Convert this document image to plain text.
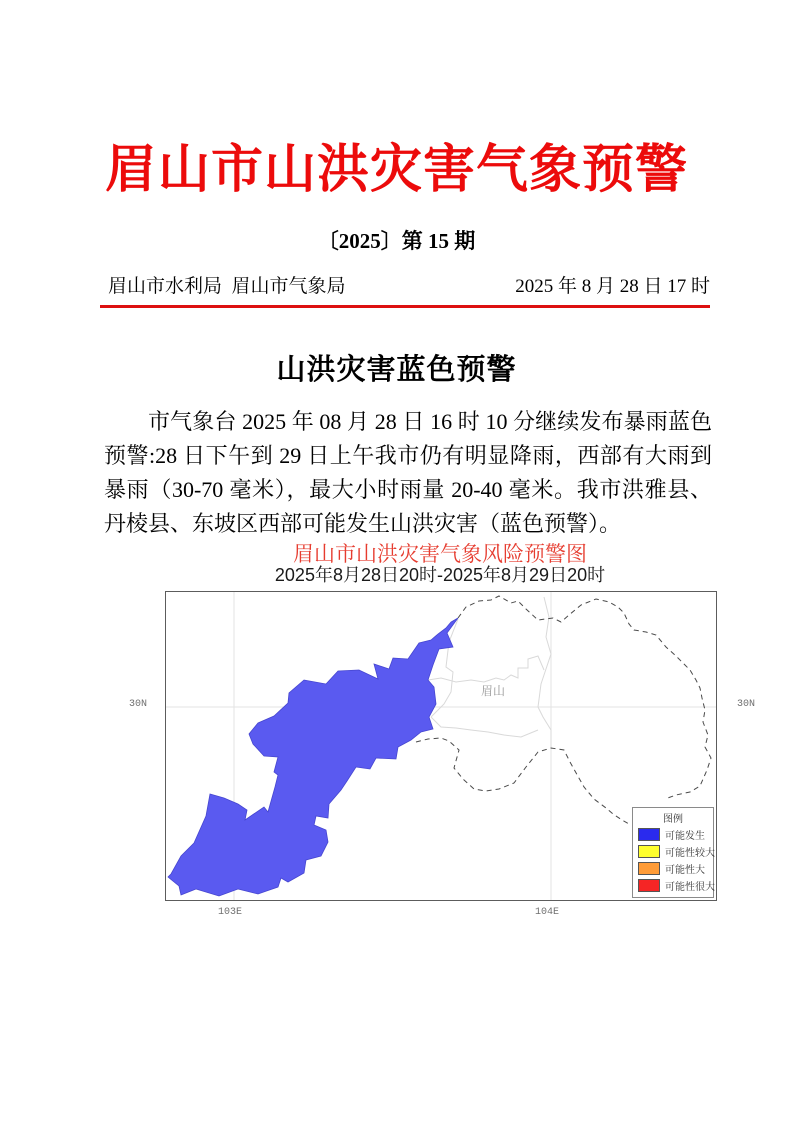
眉山市山洪灾害气象预警
〔2025〕第 15 期
眉山市水利局  眉山市气象局	2025 年 8 月 28 日 17 时
山洪灾害蓝色预警

市气象台 2025 年 08 月 28 日 16 时 10 分继续发布暴雨蓝色预警:28 日下午到 29 日上午我市仍有明显降雨，西部有大雨到暴雨（30-70 毫米），最大小时雨量 20-40 毫米。我市洪雅县、丹棱县、东坡区西部可能发生山洪灾害（蓝色预警）。

眉山市山洪灾害气象风险预警图
2025年8月28日20时-2025年8月29日20时
眉山
30N	30N
103E	104E
图例
可能发生
可能性较大
可能性大
可能性很大
